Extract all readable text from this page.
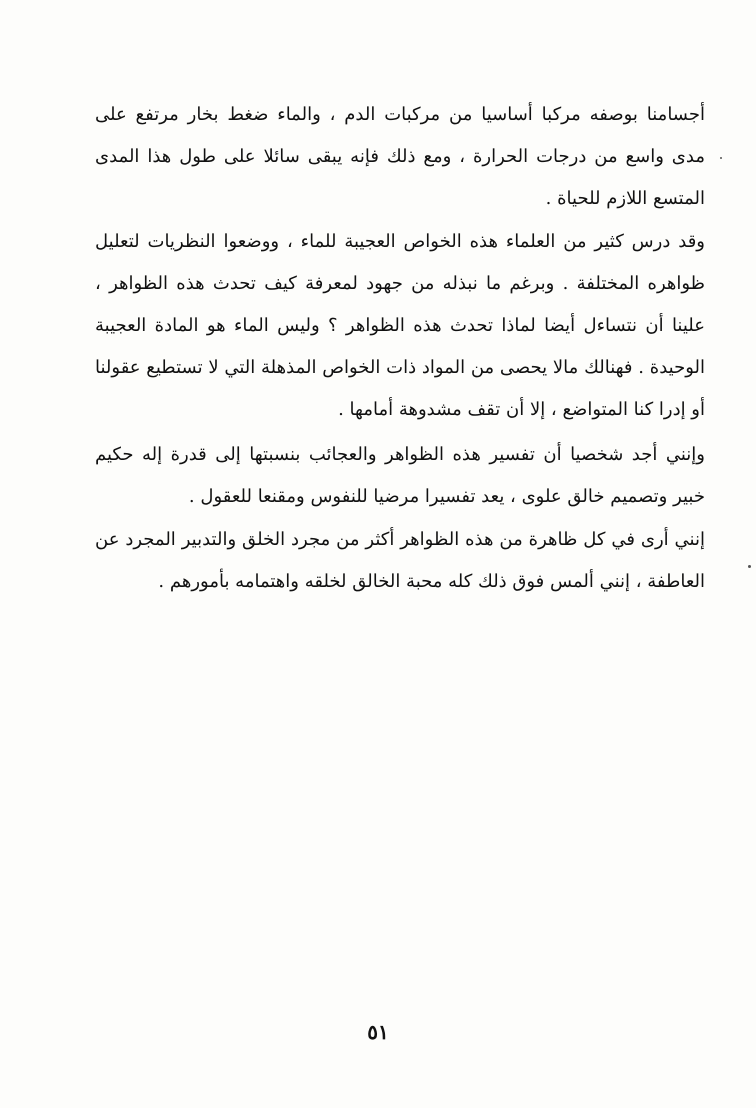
أجسامنا بوصفه مركبا أساسيا من مركبات الدم ، والماء ضغط بخار مرتفع على مدى واسع من درجات الحرارة ، ومع ذلك فإنه يبقى سائلا على طول هذا المدى المتسع اللازم للحياة .
وقد درس كثير من العلماء هذه الخواص العجيبة للماء ، ووضعوا النظريات لتعليل ظواهره المختلفة . وبرغم ما نبذله من جهود لمعرفة كيف تحدث هذه الظواهر ، علينا أن نتساءل أيضا لماذا تحدث هذه الظواهر ؟ وليس الماء هو المادة العجيبة الوحيدة . فهنالك مالا يحصى من المواد ذات الخواص المذهلة التي لا تستطيع عقولنا أو إدرا كنا المتواضع ، إلا أن تقف مشدوهة أمامها .
وإنني أجد شخصيا أن تفسير هذه الظواهر والعجائب بنسبتها إلى قدرة إله حكيم خبير وتصميم خالق علوى ، يعد تفسيرا مرضيا للنفوس ومقنعا للعقول .
إنني أرى في كل ظاهرة من هذه الظواهر أكثر من مجرد الخلق والتدبير المجرد عن العاطفة ، إنني ألمس فوق ذلك كله محبة الخالق لخلقه واهتمامه بأمورهم .
٥١
